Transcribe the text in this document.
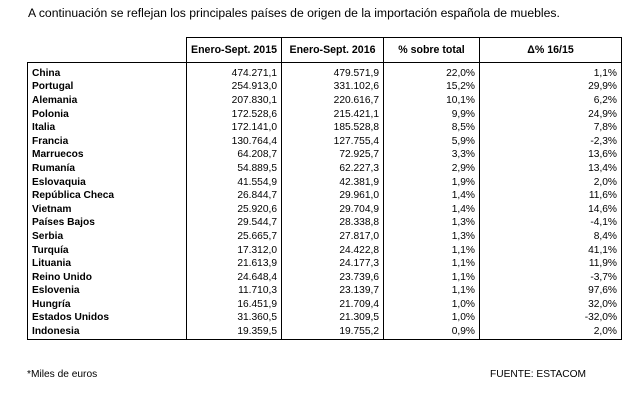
A continuación se reflejan los principales países de origen de la importación española de muebles.
	Enero-Sept. 2015	Enero-Sept. 2016	% sobre total	Δ% 16/15
China	474.271,1	479.571,9	22,0%	1,1%
Portugal	254.913,0	331.102,6	15,2%	29,9%
Alemania	207.830,1	220.616,7	10,1%	6,2%
Polonia	172.528,6	215.421,1	9,9%	24,9%
Italia	172.141,0	185.528,8	8,5%	7,8%
Francia	130.764,4	127.755,4	5,9%	-2,3%
Marruecos	64.208,7	72.925,7	3,3%	13,6%
Rumanía	54.889,5	62.227,3	2,9%	13,4%
Eslovaquia	41.554,9	42.381,9	1,9%	2,0%
República Checa	26.844,7	29.961,0	1,4%	11,6%
Vietnam	25.920,6	29.704,9	1,4%	14,6%
Países Bajos	29.544,7	28.338,8	1,3%	-4,1%
Serbia	25.665,7	27.817,0	1,3%	8,4%
Turquía	17.312,0	24.422,8	1,1%	41,1%
Lituania	21.613,9	24.177,3	1,1%	11,9%
Reino Unido	24.648,4	23.739,6	1,1%	-3,7%
Eslovenia	11.710,3	23.139,7	1,1%	97,6%
Hungría	16.451,9	21.709,4	1,0%	32,0%
Estados Unidos	31.360,5	21.309,5	1,0%	-32,0%
Indonesia	19.359,5	19.755,2	0,9%	2,0%
*Miles de euros	FUENTE: ESTACOM
